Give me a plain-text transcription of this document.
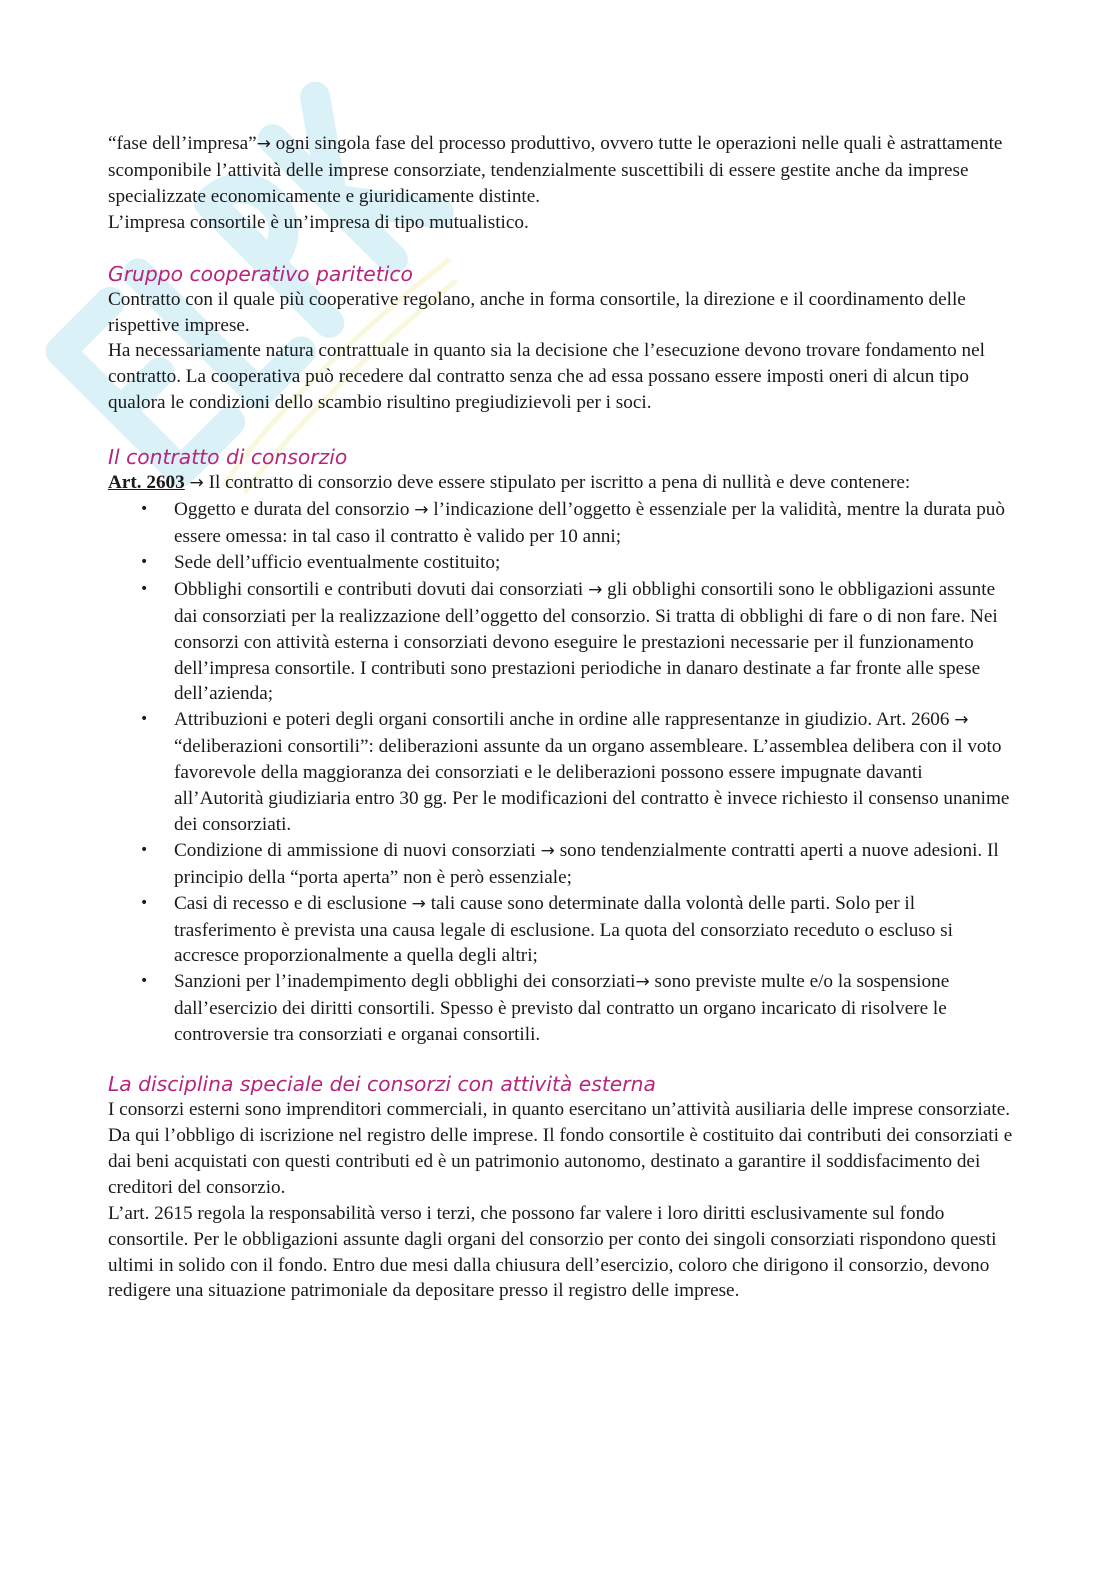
“fase dell’impresa”→ ogni singola fase del processo produttivo, ovvero tutte le operazioni nelle quali è astrattamente scomponibile l’attività delle imprese consorziate, tendenzialmente suscettibili di essere gestite anche da imprese specializzate economicamente e giuridicamente distinte.

L’impresa consortile è un’impresa di tipo mutualistico.

Gruppo cooperativo paritetico

Contratto con il quale più cooperative regolano, anche in forma consortile, la direzione e il coordinamento delle rispettive imprese.

Ha necessariamente natura contrattuale in quanto sia la decisione che l’esecuzione devono trovare fondamento nel contratto. La cooperativa può recedere dal contratto senza che ad essa possano essere imposti oneri di alcun tipo qualora le condizioni dello scambio risultino pregiudizievoli per i soci.

Il contratto di consorzio

Art. 2603 → Il contratto di consorzio deve essere stipulato per iscritto a pena di nullità e deve contenere:

• Oggetto e durata del consorzio → l’indicazione dell’oggetto è essenziale per la validità, mentre la durata può essere omessa: in tal caso il contratto è valido per 10 anni;
• Sede dell’ufficio eventualmente costituito;
• Obblighi consortili e contributi dovuti dai consorziati → gli obblighi consortili sono le obbligazioni assunte dai consorziati per la realizzazione dell’oggetto del consorzio. Si tratta di obblighi di fare o di non fare. Nei consorzi con attività esterna i consorziati devono eseguire le prestazioni necessarie per il funzionamento dell’impresa consortile. I contributi sono prestazioni periodiche in danaro destinate a far fronte alle spese dell’azienda;
• Attribuzioni e poteri degli organi consortili anche in ordine alle rappresentanze in giudizio. Art. 2606 → “deliberazioni consortili”: deliberazioni assunte da un organo assembleare. L’assemblea delibera con il voto favorevole della maggioranza dei consorziati e le deliberazioni possono essere impugnate davanti all’Autorità giudiziaria entro 30 gg. Per le modificazioni del contratto è invece richiesto il consenso unanime dei consorziati.
• Condizione di ammissione di nuovi consorziati → sono tendenzialmente contratti aperti a nuove adesioni. Il principio della “porta aperta” non è però essenziale;
• Casi di recesso e di esclusione → tali cause sono determinate dalla volontà delle parti. Solo per il trasferimento è prevista una causa legale di esclusione. La quota del consorziato receduto o escluso si accresce proporzionalmente a quella degli altri;
• Sanzioni per l’inadempimento degli obblighi dei consorziati→ sono previste multe e/o la sospensione dall’esercizio dei diritti consortili. Spesso è previsto dal contratto un organo incaricato di risolvere le controversie tra consorziati e organai consortili.

La disciplina speciale dei consorzi con attività esterna

I consorzi esterni sono imprenditori commerciali, in quanto esercitano un’attività ausiliaria delle imprese consorziate. Da qui l’obbligo di iscrizione nel registro delle imprese. Il fondo consortile è costituito dai contributi dei consorziati e dai beni acquistati con questi contributi ed è un patrimonio autonomo, destinato a garantire il soddisfacimento dei creditori del consorzio.

L’art. 2615 regola la responsabilità verso i terzi, che possono far valere i loro diritti esclusivamente sul fondo consortile. Per le obbligazioni assunte dagli organi del consorzio per conto dei singoli consorziati rispondono questi ultimi in solido con il fondo. Entro due mesi dalla chiusura dell’esercizio, coloro che dirigono il consorzio, devono redigere una situazione patrimoniale da depositare presso il registro delle imprese.
